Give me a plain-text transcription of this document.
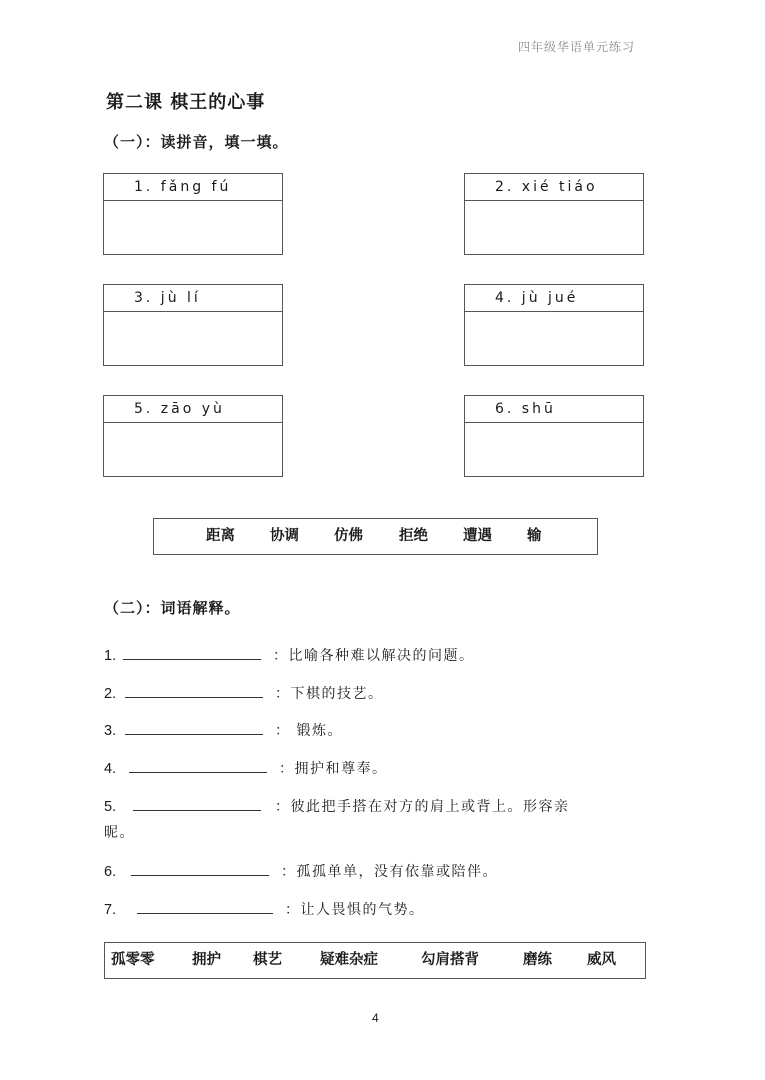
四年级华语单元练习
第二课 棋王的心事
（一）：读拼音，填一填。
1. fǎng fú	2. xié tiáo
3. jù lí	4. jù jué
5. zāo yù	6. shū
距离 协调 仿佛 拒绝 遭遇 输
（二）：词语解释。
1.	：比喻各种难以解决的问题。
2.	：下棋的技艺。
3.	： 锻炼。
4.	：拥护和尊奉。
5.	：彼此把手搭在对方的肩上或背上。形容亲
昵。
6.	：孤孤单单，没有依靠或陪伴。
7.	：让人畏惧的气势。
孤零零	拥护 棋艺	疑难杂症	勾肩搭背	磨练 威风
4
